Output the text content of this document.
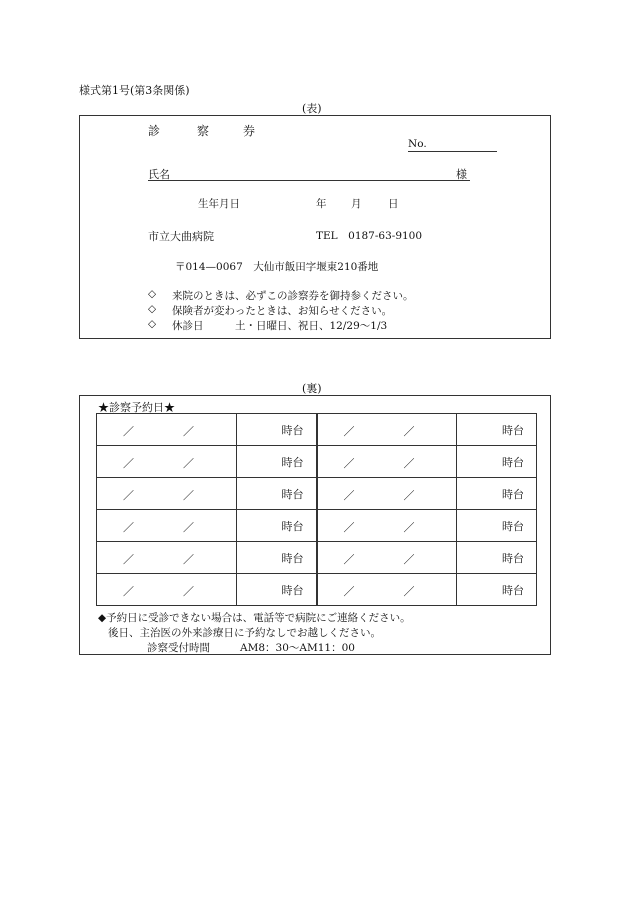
様式第1号(第3条関係)
(表)
診	察	券
No.
氏名	様
生年月日	年 月	日
市立大曲病院	TEL　0187-63-9100
〒014—0067　大仙市飯田字堰東210番地
◇ 来院のときは、必ずこの診察券を御持参ください。
◇ 保険者が変わったときは、お知らせください。
◇ 休診日　　　土・日曜日、祝日、12/29～1/3
(裏)
★診察予約日★
／ ／	時台	／ ／	時台

／ ／	時台	／ ／	時台

／ ／	時台	／ ／	時台

／ ／	時台	／ ／	時台

／ ／	時台	／ ／	時台

／ ／	時台	／ ／	時台
◆予約日に受診できない場合は、電話等で病院にご連絡ください。
後日、主治医の外来診療日に予約なしでお越しください。
診察受付時間	AM8：30～AM11：00
